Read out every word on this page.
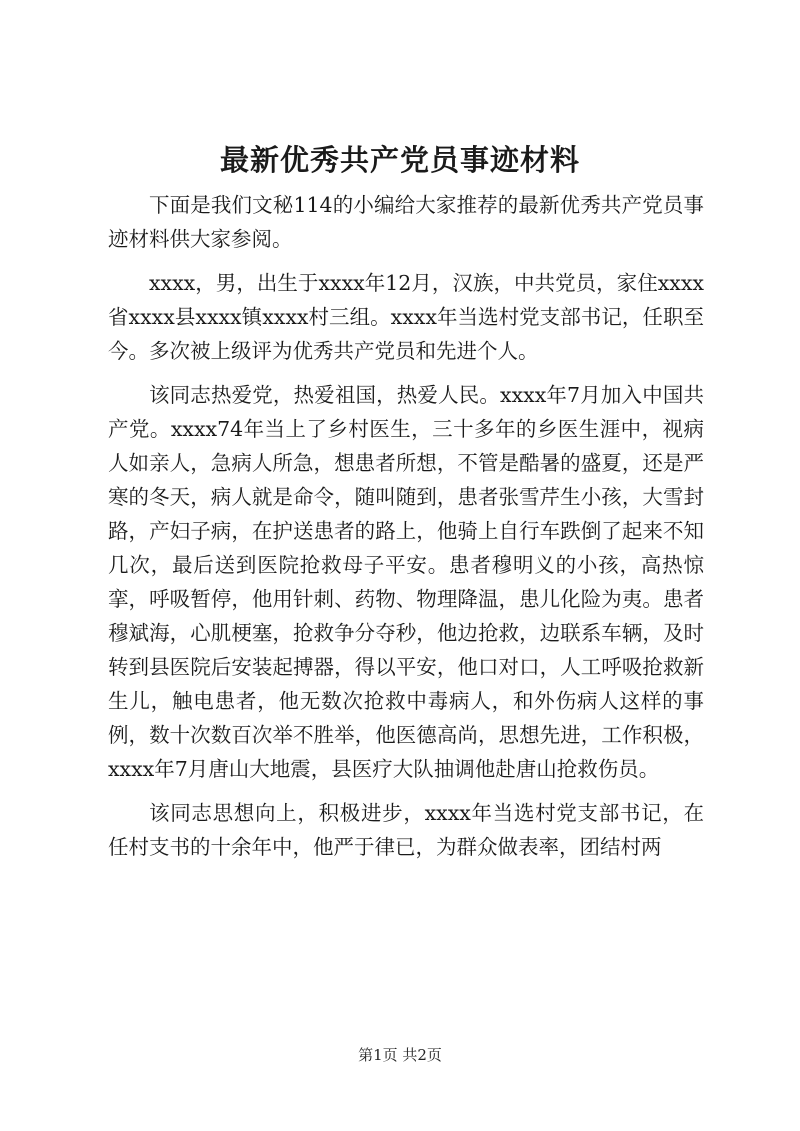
最新优秀共产党员事迹材料

下面是我们文秘114的小编给大家推荐的最新优秀共产党员事迹材料供大家参阅。

xxxx，男，出生于xxxx年12月，汉族，中共党员，家住xxxx省xxxx县xxxx镇xxxx村三组。xxxx年当选村党支部书记，任职至今。多次被上级评为优秀共产党员和先进个人。

该同志热爱党，热爱祖国，热爱人民。xxxx年7月加入中国共产党。xxxx74年当上了乡村医生，三十多年的乡医生涯中，视病人如亲人，急病人所急，想患者所想，不管是酷暑的盛夏，还是严寒的冬天，病人就是命令，随叫随到，患者张雪芹生小孩，大雪封路，产妇子病，在护送患者的路上，他骑上自行车跌倒了起来不知几次，最后送到医院抢救母子平安。患者穆明义的小孩，高热惊挛，呼吸暂停，他用针刺、药物、物理降温，患儿化险为夷。患者穆斌海，心肌梗塞，抢救争分夺秒，他边抢救，边联系车辆，及时转到县医院后安装起搏器，得以平安，他口对口，人工呼吸抢救新生儿，触电患者，他无数次抢救中毒病人，和外伤病人这样的事例，数十次数百次举不胜举，他医德高尚，思想先进，工作积极，xxxx年7月唐山大地震，县医疗大队抽调他赴唐山抢救伤员。

该同志思想向上，积极进步，xxxx年当选村党支部书记，在任村支书的十余年中，他严于律已，为群众做表率，团结村两

第1页 共2页
